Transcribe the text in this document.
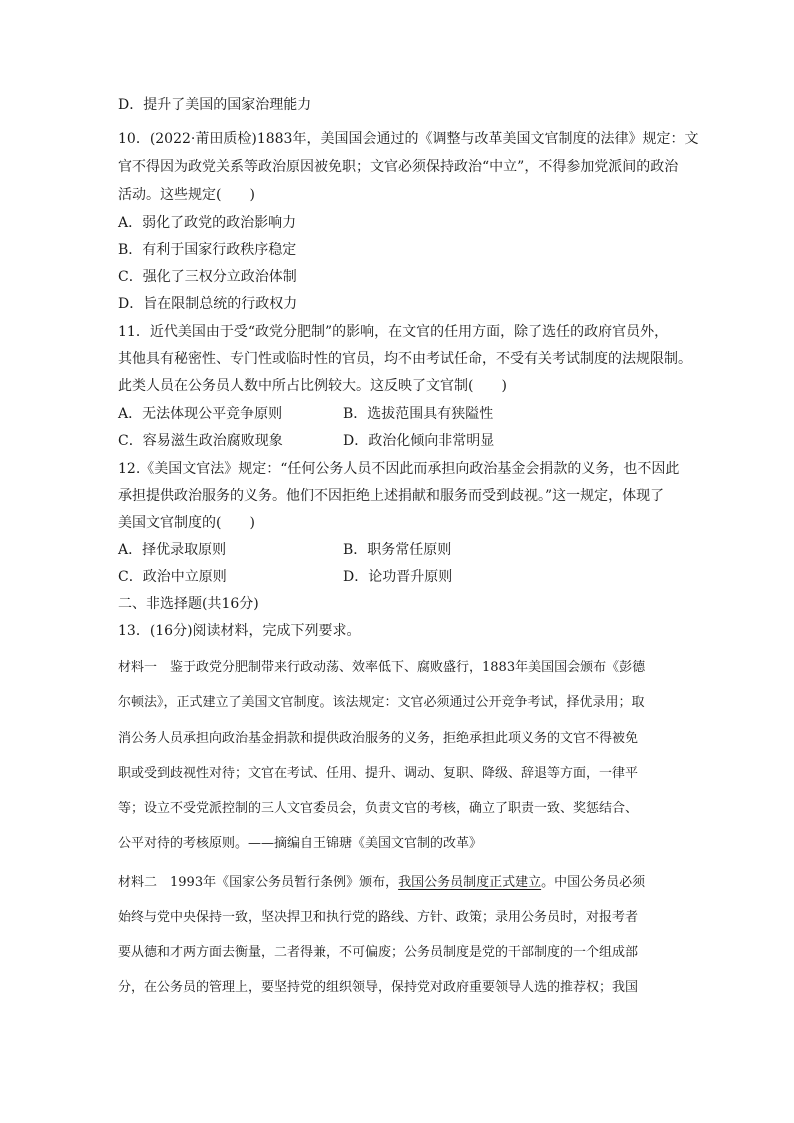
D．提升了美国的国家治理能力
10．(2022·莆田质检)1883年，美国国会通过的《调整与改革美国文官制度的法律》规定：文
官不得因为政党关系等政治原因被免职；文官必须保持政治“中立”，不得参加党派间的政治
活动。这些规定(　　)
A．弱化了政党的政治影响力
B．有利于国家行政秩序稳定
C．强化了三权分立政治体制
D．旨在限制总统的行政权力
11．近代美国由于受“政党分肥制”的影响，在文官的任用方面，除了选任的政府官员外，
其他具有秘密性、专门性或临时性的官员，均不由考试任命，不受有关考试制度的法规限制。
此类人员在公务员人数中所占比例较大。这反映了文官制(　　)
A．无法体现公平竞争原则	B．选拔范围具有狭隘性
C．容易滋生政治腐败现象	D．政治化倾向非常明显
12.《美国文官法》规定：“任何公务人员不因此而承担向政治基金会捐款的义务，也不因此
承担提供政治服务的义务。他们不因拒绝上述捐献和服务而受到歧视。”这一规定，体现了
美国文官制度的(　　)
A．择优录取原则	B．职务常任原则
C．政治中立原则	D．论功晋升原则
二、非选择题(共16分)
13．(16分)阅读材料，完成下列要求。
材料一　鉴于政党分肥制带来行政动荡、效率低下、腐败盛行，1883年美国国会颁布《彭德
尔顿法》，正式建立了美国文官制度。该法规定：文官必须通过公开竞争考试，择优录用；取
消公务人员承担向政治基金捐款和提供政治服务的义务，拒绝承担此项义务的文官不得被免
职或受到歧视性对待；文官在考试、任用、提升、调动、复职、降级、辞退等方面，一律平
等；设立不受党派控制的三人文官委员会，负责文官的考核，确立了职责一致、奖惩结合、
公平对待的考核原则。——摘编自王锦瑭《美国文官制的改革》
材料二　1993年《国家公务员暂行条例》颁布，我国公务员制度正式建立。中国公务员必须
始终与党中央保持一致，坚决捍卫和执行党的路线、方针、政策；录用公务员时，对报考者
要从德和才两方面去衡量，二者得兼，不可偏废；公务员制度是党的干部制度的一个组成部
分，在公务员的管理上，要坚持党的组织领导，保持党对政府重要领导人选的推荐权；我国
